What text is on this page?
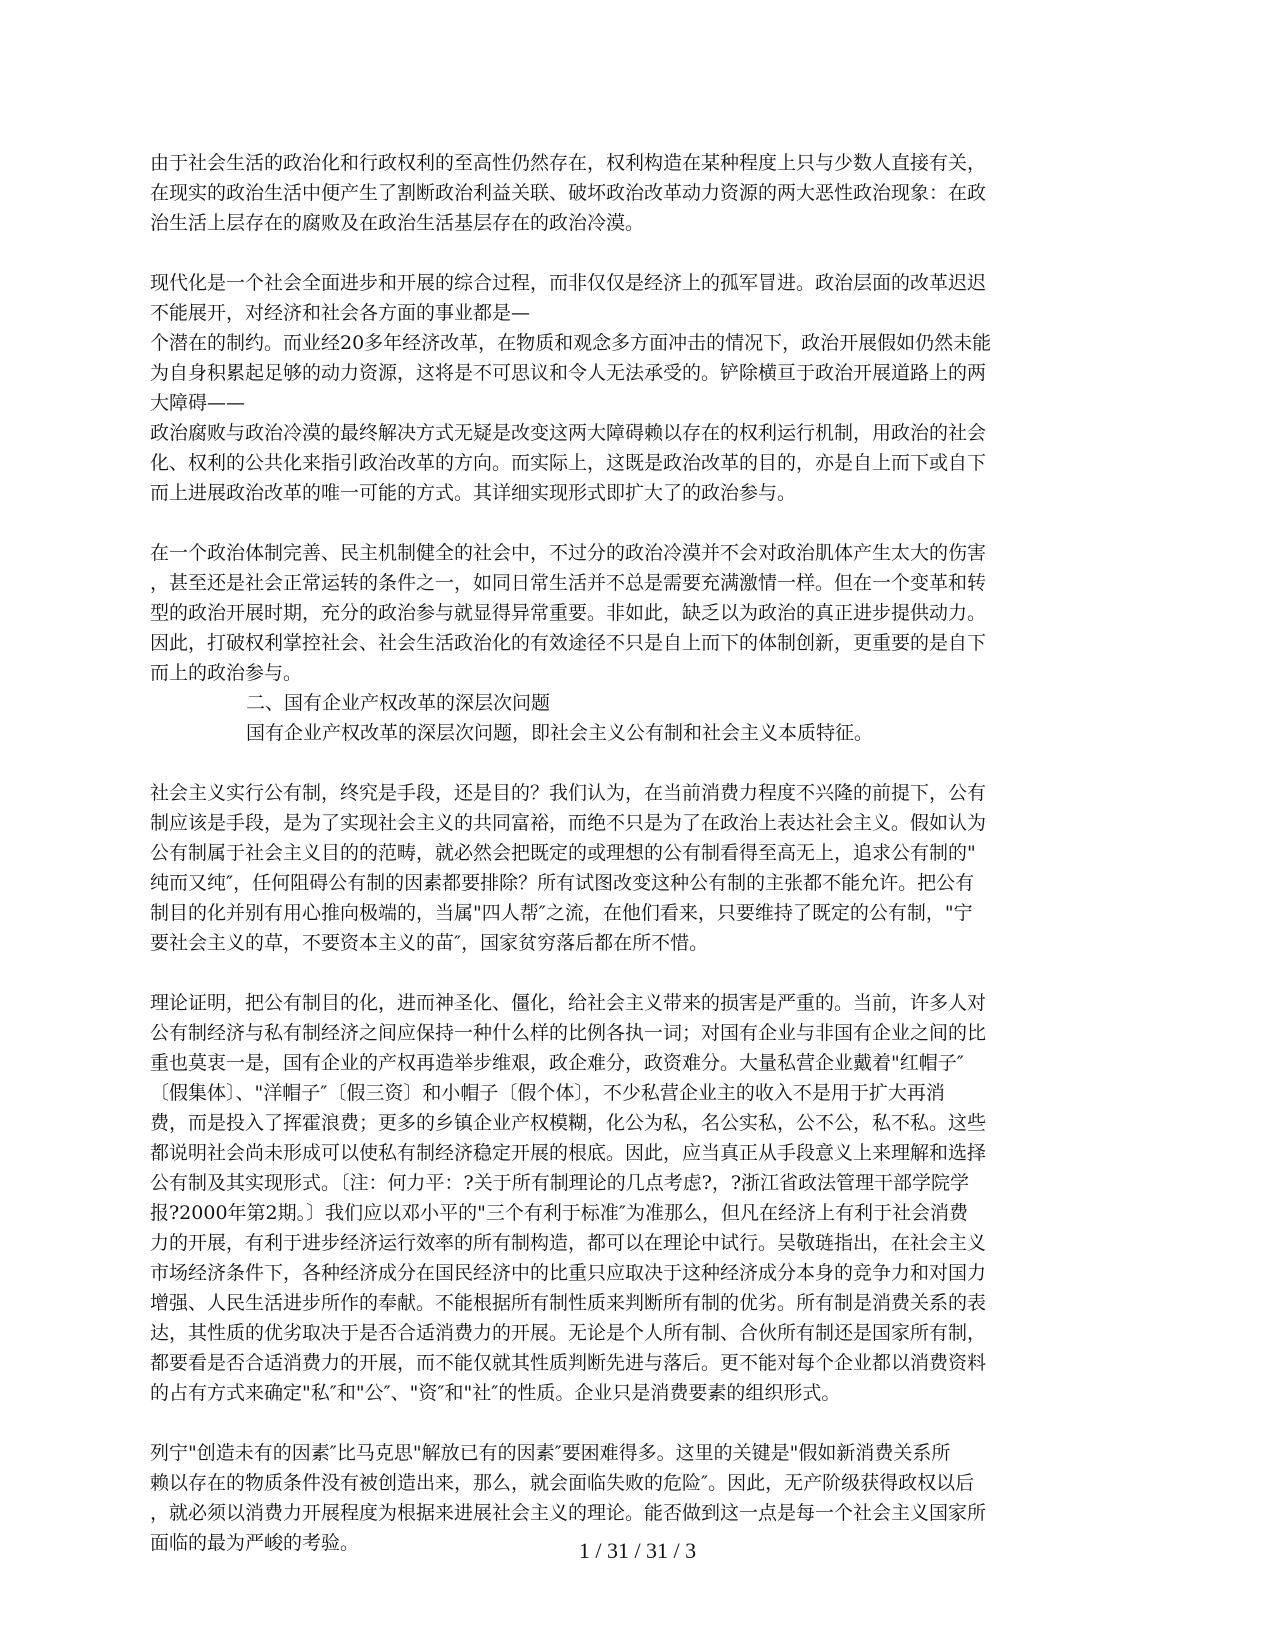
由于社会生活的政治化和行政权利的至高性仍然存在，权利构造在某种程度上只与少数人直接有关，
在现实的政治生活中便产生了割断政治利益关联、破坏政治改革动力资源的两大恶性政治现象：在政
治生活上层存在的腐败及在政治生活基层存在的政治冷漠。

现代化是一个社会全面进步和开展的综合过程，而非仅仅是经济上的孤军冒进。政治层面的改革迟迟
不能展开，对经济和社会各方面的事业都是—
个潜在的制约。而业经20多年经济改革，在物质和观念多方面冲击的情况下，政治开展假如仍然未能
为自身积累起足够的动力资源，这将是不可思议和令人无法承受的。铲除横亘于政治开展道路上的两
大障碍——
政治腐败与政治冷漠的最终解决方式无疑是改变这两大障碍赖以存在的权利运行机制，用政治的社会
化、权利的公共化来指引政治改革的方向。而实际上，这既是政治改革的目的，亦是自上而下或自下
而上进展政治改革的唯一可能的方式。其详细实现形式即扩大了的政治参与。

在一个政治体制完善、民主机制健全的社会中，不过分的政治冷漠并不会对政治肌体产生太大的伤害
，甚至还是社会正常运转的条件之一，如同日常生活并不总是需要充满激情一样。但在一个变革和转
型的政治开展时期，充分的政治参与就显得异常重要。非如此，缺乏以为政治的真正进步提供动力。
因此，打破权利掌控社会、社会生活政治化的有效途径不只是自上而下的体制创新，更重要的是自下
而上的政治参与。

二、国有企业产权改革的深层次问题

国有企业产权改革的深层次问题，即社会主义公有制和社会主义本质特征。

社会主义实行公有制，终究是手段，还是目的？我们认为，在当前消费力程度不兴隆的前提下，公有
制应该是手段，是为了实现社会主义的共同富裕，而绝不只是为了在政治上表达社会主义。假如认为
公有制属于社会主义目的的范畴，就必然会把既定的或理想的公有制看得至高无上，追求公有制的"
纯而又纯″，任何阻碍公有制的因素都要排除？所有试图改变这种公有制的主张都不能允许。把公有
制目的化并别有用心推向极端的，当属"四人帮″之流，在他们看来，只要维持了既定的公有制，"宁
要社会主义的草，不要资本主义的苗″，国家贫穷落后都在所不惜。

理论证明，把公有制目的化，进而神圣化、僵化，给社会主义带来的损害是严重的。当前，许多人对
公有制经济与私有制经济之间应保持一种什么样的比例各执一词；对国有企业与非国有企业之间的比
重也莫衷一是，国有企业的产权再造举步维艰，政企难分，政资难分。大量私营企业戴着"红帽子″
〔假集体〕、"洋帽子″〔假三资〕和小帽子〔假个体〕，不少私营企业主的收入不是用于扩大再消
费，而是投入了挥霍浪费；更多的乡镇企业产权模糊，化公为私，名公实私，公不公，私不私。这些
都说明社会尚未形成可以使私有制经济稳定开展的根底。因此，应当真正从手段意义上来理解和选择
公有制及其实现形式。〔注：何力平：?关于所有制理论的几点考虑?，?浙江省政法管理干部学院学
报?2000年第2期。〕我们应以邓小平的"三个有利于标准″为准那么，但凡在经济上有利于社会消费
力的开展，有利于进步经济运行效率的所有制构造，都可以在理论中试行。吴敬琏指出，在社会主义
市场经济条件下，各种经济成分在国民经济中的比重只应取决于这种经济成分本身的竞争力和对国力
增强、人民生活进步所作的奉献。不能根据所有制性质来判断所有制的优劣。所有制是消费关系的表
达，其性质的优劣取决于是否合适消费力的开展。无论是个人所有制、合伙所有制还是国家所有制，
都要看是否合适消费力的开展，而不能仅就其性质判断先进与落后。更不能对每个企业都以消费资料
的占有方式来确定"私″和"公″、"资″和"社″的性质。企业只是消费要素的组织形式。

列宁"创造未有的因素″比马克思"解放已有的因素″要困难得多。这里的关键是"假如新消费关系所
赖以存在的物质条件没有被创造出来，那么，就会面临失败的危险″。因此，无产阶级获得政权以后
，就必须以消费力开展程度为根据来进展社会主义的理论。能否做到这一点是每一个社会主义国家所
面临的最为严峻的考验。	1 / 31 / 31 / 3
